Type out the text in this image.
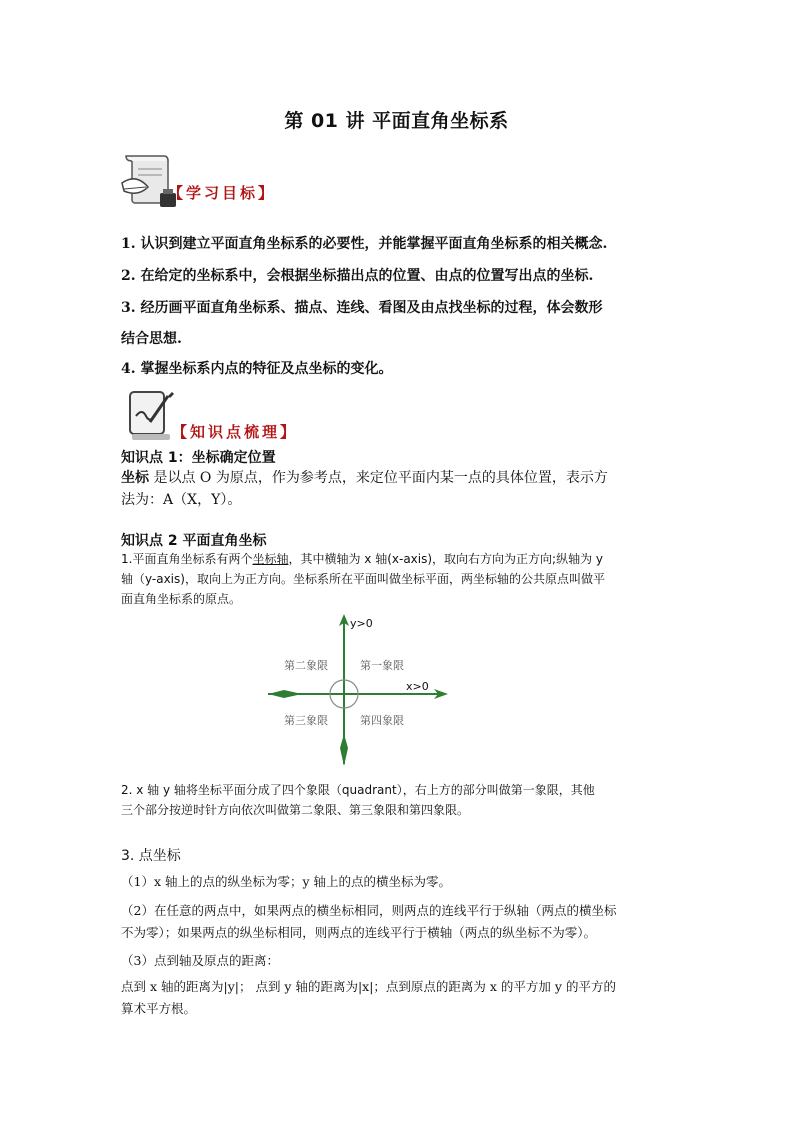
第 01 讲 平面直角坐标系
【学习目标】
1. 认识到建立平面直角坐标系的必要性，并能掌握平面直角坐标系的相关概念.
2. 在给定的坐标系中，会根据坐标描出点的位置、由点的位置写出点的坐标.
3. 经历画平面直角坐标系、描点、连线、看图及由点找坐标的过程，体会数形
结合思想.
4. 掌握坐标系内点的特征及点坐标的变化。
【知识点梳理】
知识点 1：坐标确定位置
坐标 是以点 O 为原点，作为参考点，来定位平面内某一点的具体位置，表示方
法为：A（X，Y）。
知识点 2 平面直角坐标
1.平面直角坐标系有两个坐标轴，其中横轴为 x 轴(x-axis)，取向右方向为正方向;纵轴为 y
轴（y-axis)，取向上为正方向。坐标系所在平面叫做坐标平面，两坐标轴的公共原点叫做平
面直角坐标系的原点。
y>0
x>0
第二象限	第一象限
第三象限	第四象限
2. x 轴 y 轴将坐标平面分成了四个象限（quadrant），右上方的部分叫做第一象限，其他
三个部分按逆时针方向依次叫做第二象限、第三象限和第四象限。
3. 点坐标
（1）x 轴上的点的纵坐标为零；y 轴上的点的横坐标为零。
（2）在任意的两点中，如果两点的横坐标相同，则两点的连线平行于纵轴（两点的横坐标
不为零）；如果两点的纵坐标相同，则两点的连线平行于横轴（两点的纵坐标不为零）。
（3）点到轴及原点的距离：
点到 x 轴的距离为|y|； 点到 y 轴的距离为|x|；点到原点的距离为 x 的平方加 y 的平方的
算术平方根。
